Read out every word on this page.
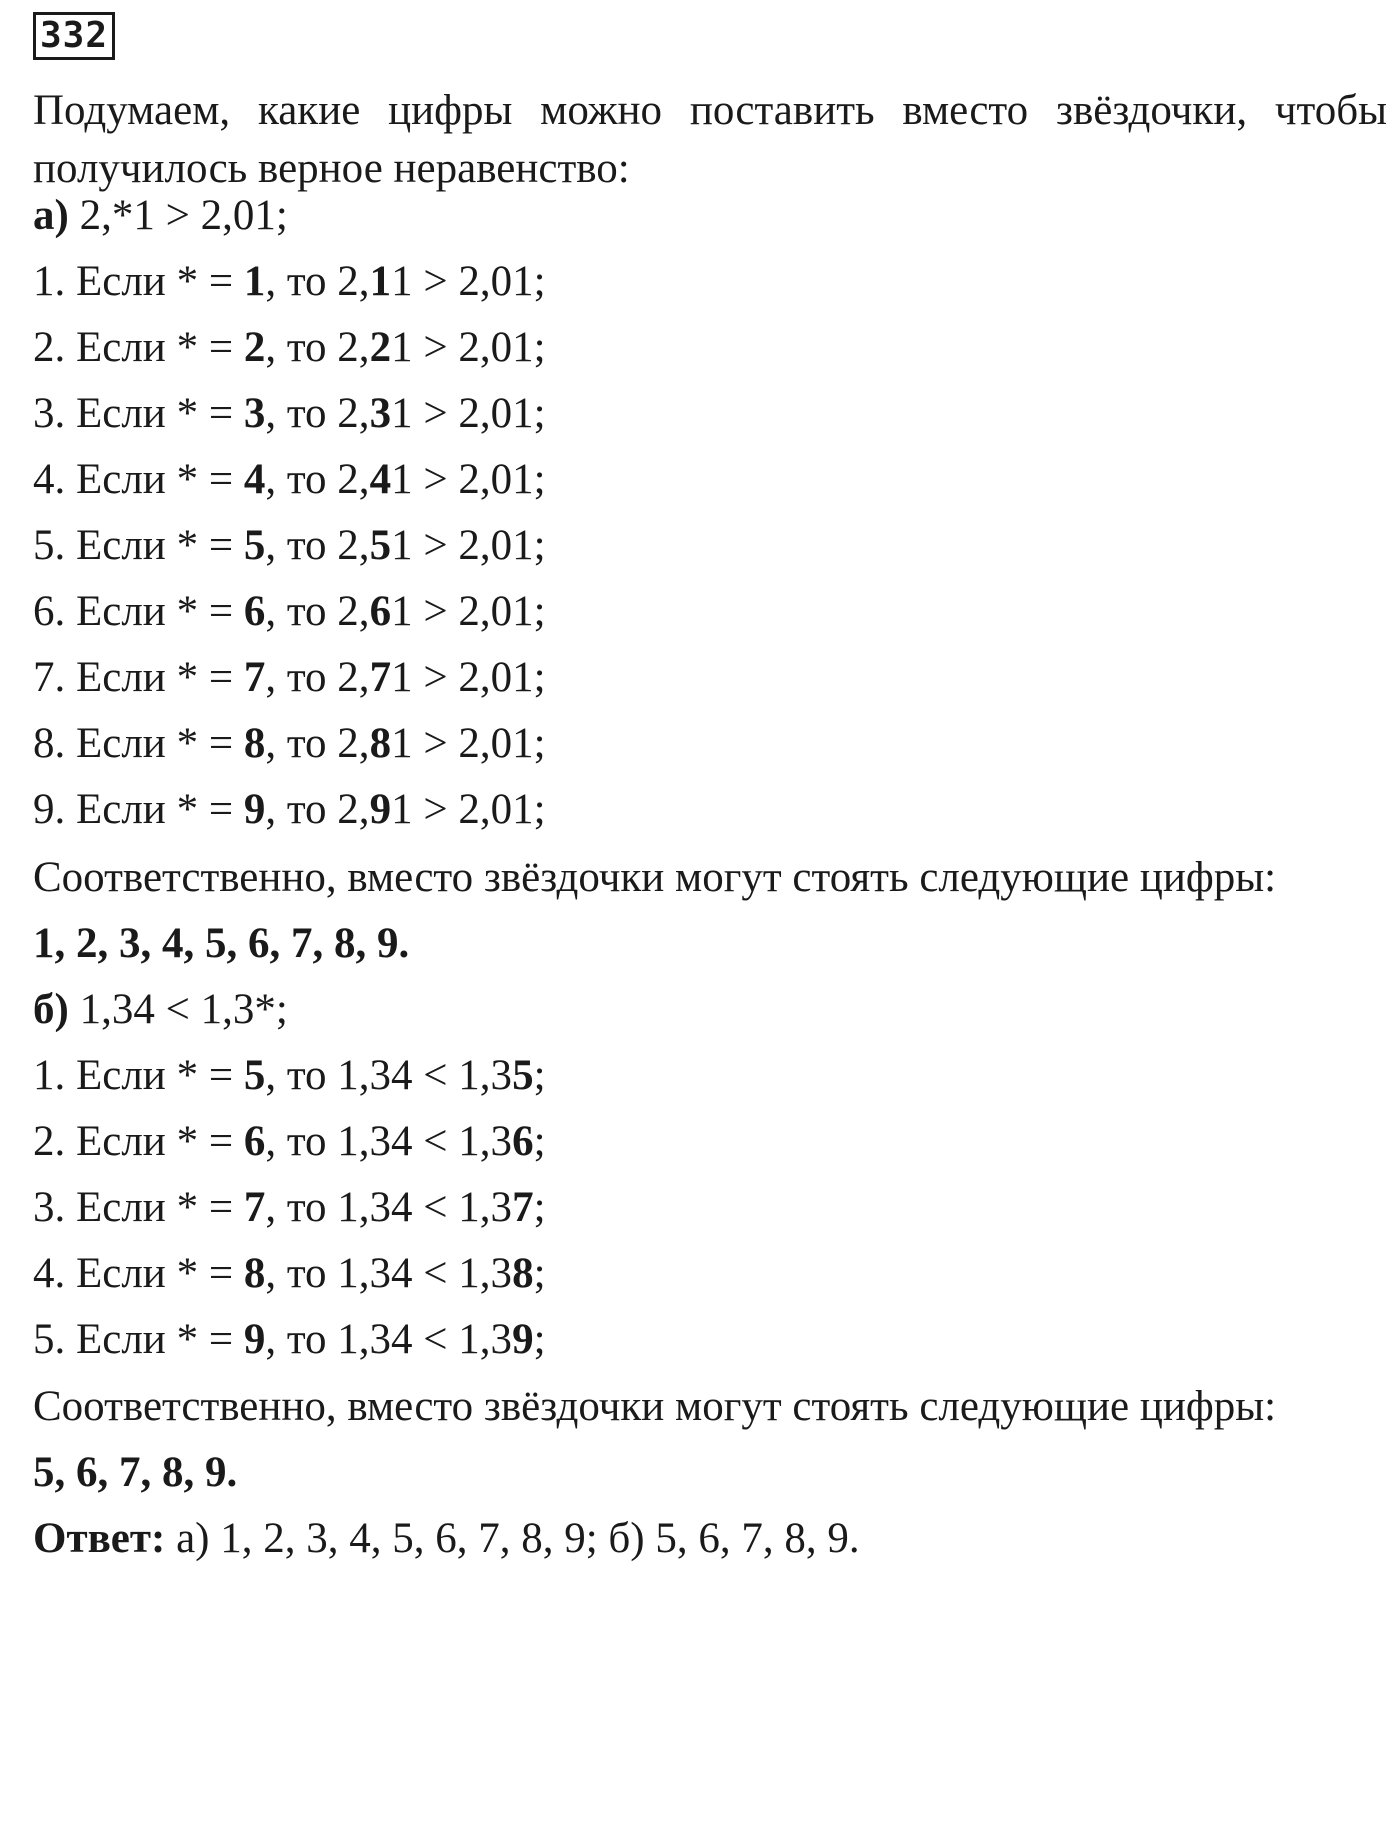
332
Подумаем, какие цифры можно поставить вместо звёздочки, чтобы получилось верное неравенство:
а) 2,*1 > 2,01;
1. Если * = 1, то 2,11 > 2,01;
2. Если * = 2, то 2,21 > 2,01;
3. Если * = 3, то 2,31 > 2,01;
4. Если * = 4, то 2,41 > 2,01;
5. Если * = 5, то 2,51 > 2,01;
6. Если * = 6, то 2,61 > 2,01;
7. Если * = 7, то 2,71 > 2,01;
8. Если * = 8, то 2,81 > 2,01;
9. Если * = 9, то 2,91 > 2,01;
Соответственно, вместо звёздочки могут стоять следующие цифры:
1, 2, 3, 4, 5, 6, 7, 8, 9.
б) 1,34 < 1,3*;
1. Если * = 5, то 1,34 < 1,35;
2. Если * = 6, то 1,34 < 1,36;
3. Если * = 7, то 1,34 < 1,37;
4. Если * = 8, то 1,34 < 1,38;
5. Если * = 9, то 1,34 < 1,39;
Соответственно, вместо звёздочки могут стоять следующие цифры:
5, 6, 7, 8, 9.
Ответ: а) 1, 2, 3, 4, 5, 6, 7, 8, 9; б) 5, 6, 7, 8, 9.
